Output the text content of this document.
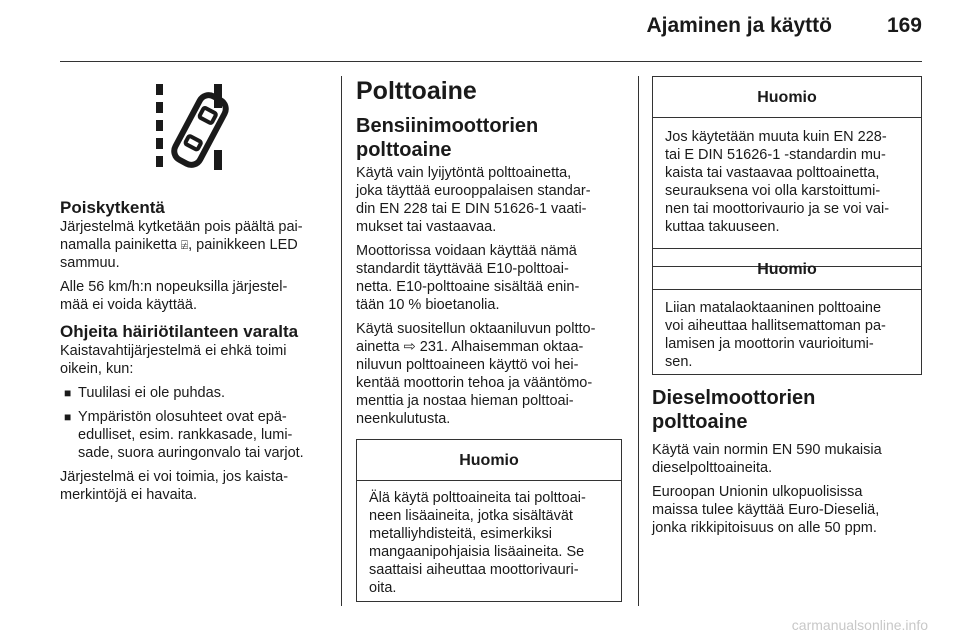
Ajaminen ja käyttö	169
Poiskytkentä
Järjestelmä kytketään pois päältä pai-
namalla painiketta ⍯, painikkeen LED
sammuu.
Alle 56 km/h:n nopeuksilla järjestel-
mää ei voida käyttää.
Ohjeita häiriötilanteen varalta
Kaistavahtijärjestelmä ei ehkä toimi
oikein, kun:
■ Tuulilasi ei ole puhdas.
■ Ympäristön olosuhteet ovat epä-
edulliset, esim. rankkasade, lumi-
sade, suora auringonvalo tai varjot.
Järjestelmä ei voi toimia, jos kaista-
merkintöjä ei havaita.
Polttoaine
Bensiinimoottorien
polttoaine
Käytä vain lyijytöntä polttoainetta,
joka täyttää eurooppalaisen standar-
din EN 228 tai E DIN 51626-1 vaati-
mukset tai vastaavaa.
Moottorissa voidaan käyttää nämä
standardit täyttävää E10-polttoai-
netta. E10-polttoaine sisältää enin-
tään 10 % bioetanolia.
Käytä suositellun oktaaniluvun poltto-
ainetta ⇨ 231. Alhaisemman oktaa-
niluvun polttoaineen käyttö voi hei-
kentää moottorin tehoa ja vääntömo-
menttia ja nostaa hieman polttoai-
neenkulutusta.
Huomio
Älä käytä polttoaineita tai polttoai-
neen lisäaineita, jotka sisältävät
metalliyhdisteitä, esimerkiksi
mangaanipohjaisia lisäaineita. Se
saattaisi aiheuttaa moottorivauri-
oita.
Huomio
Jos käytetään muuta kuin EN 228-
tai E DIN 51626-1 -standardin mu-
kaista tai vastaavaa polttoainetta,
seurauksena voi olla karstoittumi-
nen tai moottorivaurio ja se voi vai-
kuttaa takuuseen.
Huomio
Liian matalaoktaaninen polttoaine
voi aiheuttaa hallitsemattoman pa-
lamisen ja moottorin vaurioitumi-
sen.
Dieselmoottorien
polttoaine
Käytä vain normin EN 590 mukaisia
dieselpolttoaineita.
Euroopan Unionin ulkopuolisissa
maissa tulee käyttää Euro-Dieseliä,
jonka rikkipitoisuus on alle 50 ppm.
carmanualsonline.info
